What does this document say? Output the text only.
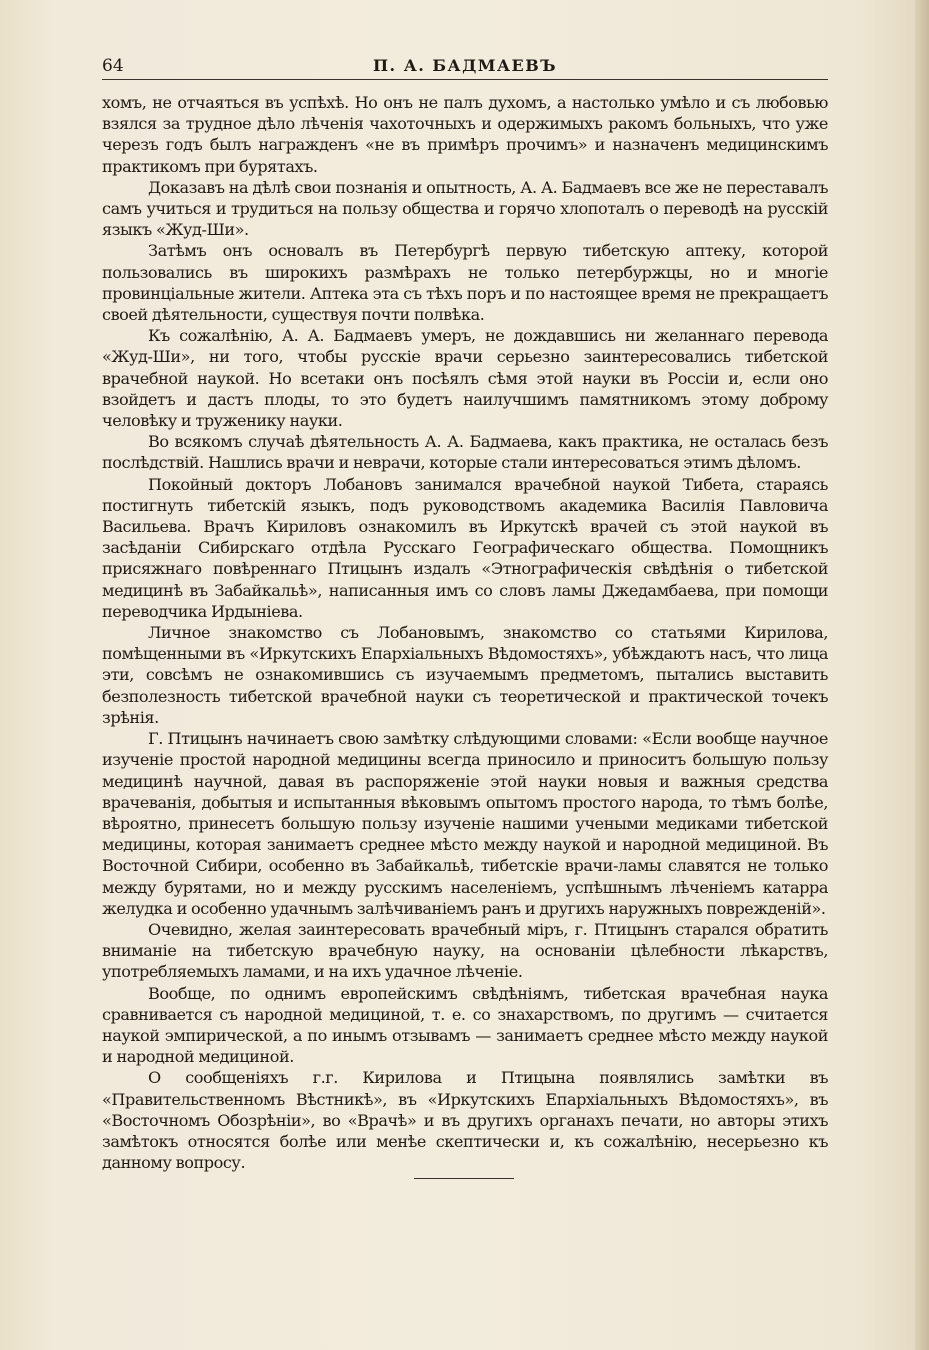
64	П. А. БАДМАЕВЪ

хомъ, не отчаяться въ успѣхѣ. Но онъ не палъ духомъ, а настолько умѣло и съ любовью взялся за трудное дѣло лѣченія чахоточныхъ и одержимыхъ ракомъ больныхъ, что уже черезъ годъ былъ награжденъ «не въ примѣръ прочимъ» и назначенъ медицинскимъ практикомъ при бурятахъ.

Доказавъ на дѣлѣ свои познанія и опытность, А. А. Бадмаевъ все же не переставалъ самъ учиться и трудиться на пользу общества и горячо хлопоталъ о переводѣ на русскій языкъ «Жуд-Ши».

Затѣмъ онъ основалъ въ Петербургѣ первую тибетскую аптеку, которой пользовались въ широкихъ размѣрахъ не только петербуржцы, но и многіе провинціальные жители. Аптека эта съ тѣхъ поръ и по настоящее время не прекращаетъ своей дѣятельности, существуя почти полвѣка.

Къ сожалѣнію, А. А. Бадмаевъ умеръ, не дождавшись ни желаннаго перевода «Жуд-Ши», ни того, чтобы русскіе врачи серьезно заинтересовались тибетской врачебной наукой. Но всетаки онъ посѣялъ сѣмя этой науки въ Россіи и, если оно взойдетъ и дастъ плоды, то это будетъ наилучшимъ памятникомъ этому доброму человѣку и труженику науки.

Во всякомъ случаѣ дѣятельность А. А. Бадмаева, какъ практика, не осталась безъ послѣдствій. Нашлись врачи и неврачи, которые стали интересоваться этимъ дѣломъ.

Покойный докторъ Лобановъ занимался врачебной наукой Тибета, стараясь постигнуть тибетскій языкъ, подъ руководствомъ академика Василія Павловича Васильева. Врачъ Кириловъ ознакомилъ въ Иркутскѣ врачей съ этой наукой въ засѣданіи Сибирскаго отдѣла Русскаго Географическаго общества. Помощникъ присяжнаго повѣреннаго Птицынъ издалъ «Этнографическія свѣдѣнія о тибетской медицинѣ въ Забайкальѣ», написанныя имъ со словъ ламы Джедамбаева, при помощи переводчика Ирдыніева.

Личное знакомство съ Лобановымъ, знакомство со статьями Кирилова, помѣщенными въ «Иркутскихъ Епархіальныхъ Вѣдомостяхъ», убѣждаютъ насъ, что лица эти, совсѣмъ не ознакомившись съ изучаемымъ предметомъ, пытались выставить безполезность тибетской врачебной науки съ теоретической и практической точекъ зрѣнія.

Г. Птицынъ начинаетъ свою замѣтку слѣдующими словами: «Если вообще научное изученіе простой народной медицины всегда приносило и приноситъ большую пользу медицинѣ научной, давая въ распоряженіе этой науки новыя и важныя средства врачеванія, добытыя и испытанныя вѣковымъ опытомъ простого народа, то тѣмъ болѣе, вѣроятно, принесетъ большую пользу изученіе нашими учеными медиками тибетской медицины, которая занимаетъ среднее мѣсто между наукой и народной медициной. Въ Восточной Сибири, особенно въ Забайкальѣ, тибетскіе врачи-ламы славятся не только между бурятами, но и между русскимъ населеніемъ, успѣшнымъ лѣченіемъ катарра желудка и особенно удачнымъ залѣчиваніемъ ранъ и другихъ наружныхъ поврежденій».

Очевидно, желая заинтересовать врачебный міръ, г. Птицынъ старался обратить вниманіе на тибетскую врачебную науку, на основаніи цѣлебности лѣкарствъ, употребляемыхъ ламами, и на ихъ удачное лѣченіе.

Вообще, по однимъ европейскимъ свѣдѣніямъ, тибетская врачебная наука сравнивается съ народной медициной, т. е. со знахарствомъ, по другимъ — считается наукой эмпирической, а по инымъ отзывамъ — занимаетъ среднее мѣсто между наукой и народной медициной.

О сообщеніяхъ г.г. Кирилова и Птицына появлялись замѣтки въ «Правительственномъ Вѣстникѣ», въ «Иркутскихъ Епархіальныхъ Вѣдомостяхъ», въ «Восточномъ Обозрѣніи», во «Врачѣ» и въ другихъ органахъ печати, но авторы этихъ замѣтокъ относятся болѣе или менѣе скептически и, къ сожалѣнію, несерьезно къ данному вопросу.
